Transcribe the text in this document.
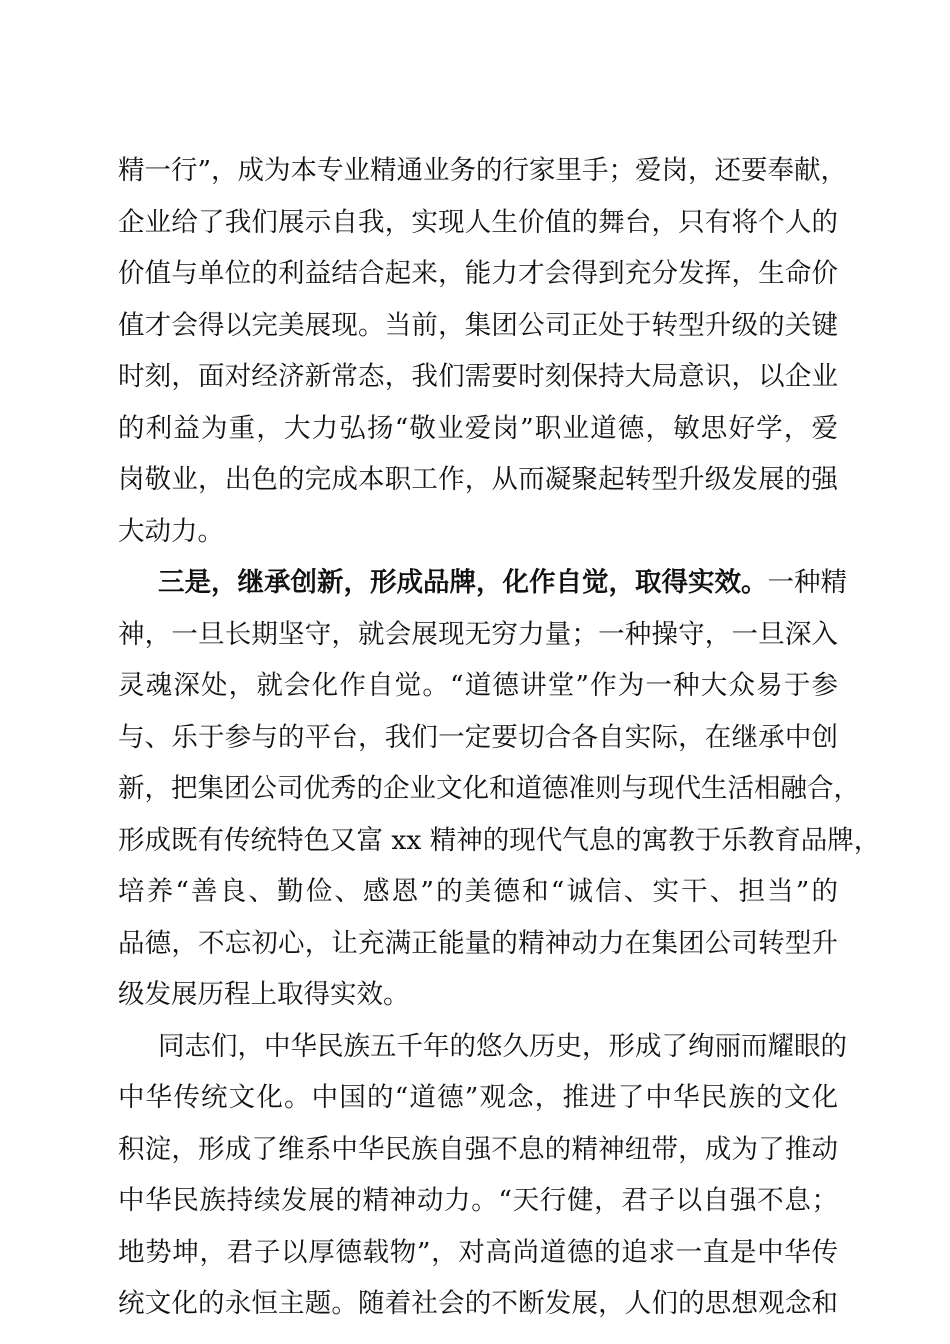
精一行”，成为本专业精通业务的行家里手；爱岗，还要奉献，
企业给了我们展示自我，实现人生价值的舞台，只有将个人的
价值与单位的利益结合起来，能力才会得到充分发挥，生命价
值才会得以完美展现。当前，集团公司正处于转型升级的关键
时刻，面对经济新常态，我们需要时刻保持大局意识，以企业
的利益为重，大力弘扬“敬业爱岗”职业道德，敏思好学，爱
岗敬业，出色的完成本职工作，从而凝聚起转型升级发展的强
大动力。
三是，继承创新，形成品牌，化作自觉，取得实效。一种精
神，一旦长期坚守，就会展现无穷力量；一种操守，一旦深入
灵魂深处，就会化作自觉。“道德讲堂”作为一种大众易于参
与、乐于参与的平台，我们一定要切合各自实际，在继承中创
新，把集团公司优秀的企业文化和道德准则与现代生活相融合，
形成既有传统特色又富 xx 精神的现代气息的寓教于乐教育品牌，
培养“善良、勤俭、感恩”的美德和“诚信、实干、担当”的
品德，不忘初心，让充满正能量的精神动力在集团公司转型升
级发展历程上取得实效。
同志们，中华民族五千年的悠久历史，形成了绚丽而耀眼的
中华传统文化。中国的“道德”观念，推进了中华民族的文化
积淀，形成了维系中华民族自强不息的精神纽带，成为了推动
中华民族持续发展的精神动力。“天行健，君子以自强不息；
地势坤，君子以厚德载物”，对高尚道德的追求一直是中华传
统文化的永恒主题。随着社会的不断发展，人们的思想观念和
